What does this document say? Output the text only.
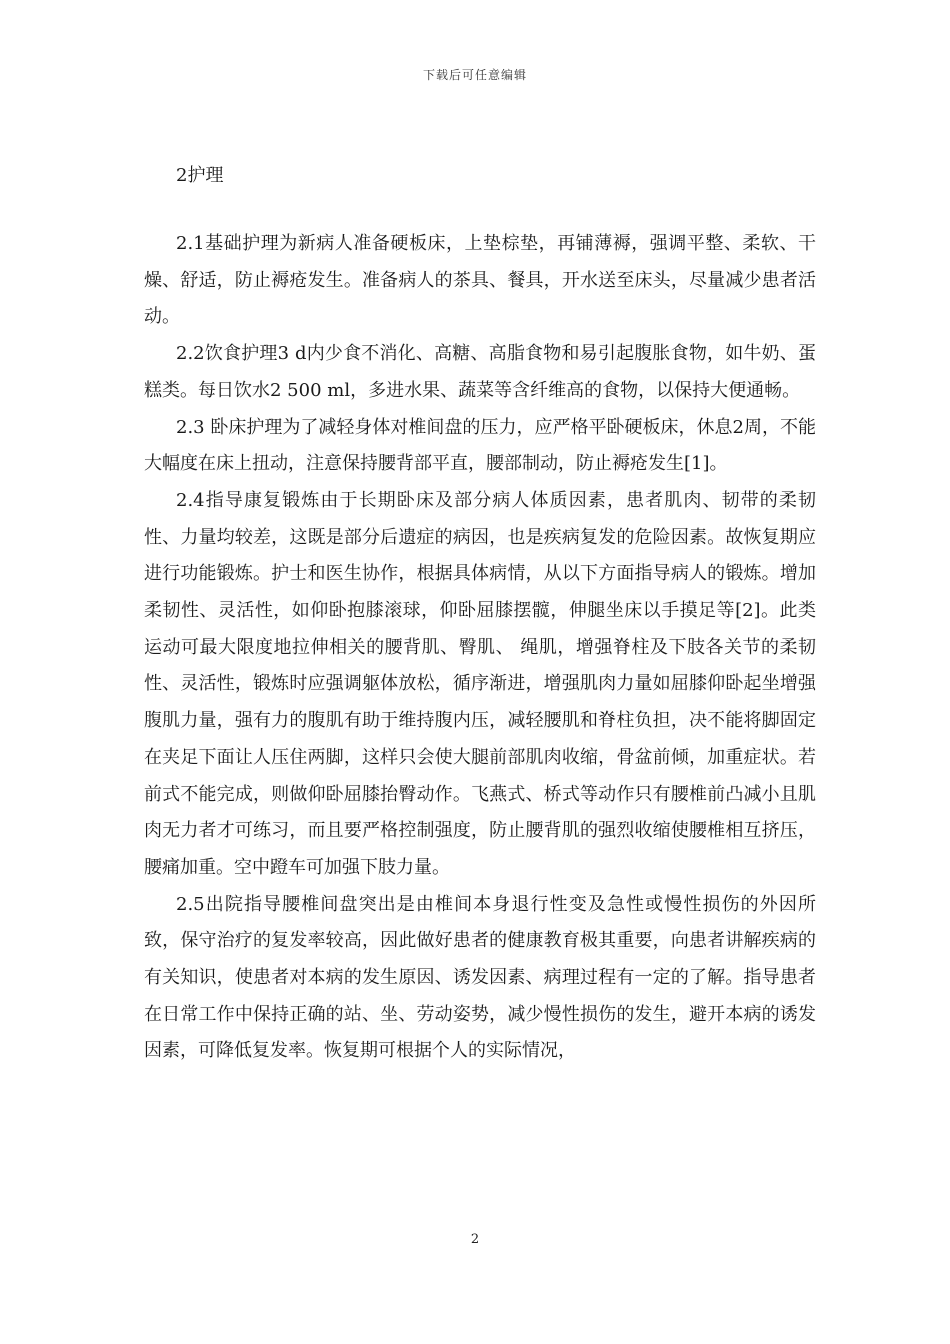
下载后可任意编辑
2护理

2.1基础护理为新病人准备硬板床，上垫棕垫，再铺薄褥，强调平整、柔软、干燥、舒适，防止褥疮发生。准备病人的茶具、餐具，开水送至床头，尽量减少患者活动。

2.2饮食护理3 d内少食不消化、高糖、高脂食物和易引起腹胀食物，如牛奶、蛋糕类。每日饮水2 500 ml，多进水果、蔬菜等含纤维高的食物，以保持大便通畅。

2.3 卧床护理为了减轻身体对椎间盘的压力，应严格平卧硬板床，休息2周，不能大幅度在床上扭动，注意保持腰背部平直，腰部制动，防止褥疮发生[1]。

2.4指导康复锻炼由于长期卧床及部分病人体质因素，患者肌肉、韧带的柔韧性、力量均较差，这既是部分后遗症的病因，也是疾病复发的危险因素。故恢复期应进行功能锻炼。护士和医生协作，根据具体病情，从以下方面指导病人的锻炼。增加柔韧性、灵活性，如仰卧抱膝滚球，仰卧屈膝摆髋，伸腿坐床以手摸足等[2]。此类运动可最大限度地拉伸相关的腰背肌、臀肌、 绳肌，增强脊柱及下肢各关节的柔韧性、灵活性，锻炼时应强调躯体放松，循序渐进，增强肌肉力量如屈膝仰卧起坐增强腹肌力量，强有力的腹肌有助于维持腹内压，减轻腰肌和脊柱负担，决不能将脚固定在夹足下面让人压住两脚，这样只会使大腿前部肌肉收缩，骨盆前倾，加重症状。若前式不能完成，则做仰卧屈膝抬臀动作。飞燕式、桥式等动作只有腰椎前凸减小且肌肉无力者才可练习，而且要严格控制强度，防止腰背肌的强烈收缩使腰椎相互挤压，腰痛加重。空中蹬车可加强下肢力量。

2.5出院指导腰椎间盘突出是由椎间本身退行性变及急性或慢性损伤的外因所致，保守治疗的复发率较高，因此做好患者的健康教育极其重要，向患者讲解疾病的有关知识，使患者对本病的发生原因、诱发因素、病理过程有一定的了解。指导患者在日常工作中保持正确的站、坐、劳动姿势，减少慢性损伤的发生，避开本病的诱发因素，可降低复发率。恢复期可根据个人的实际情况，

2
